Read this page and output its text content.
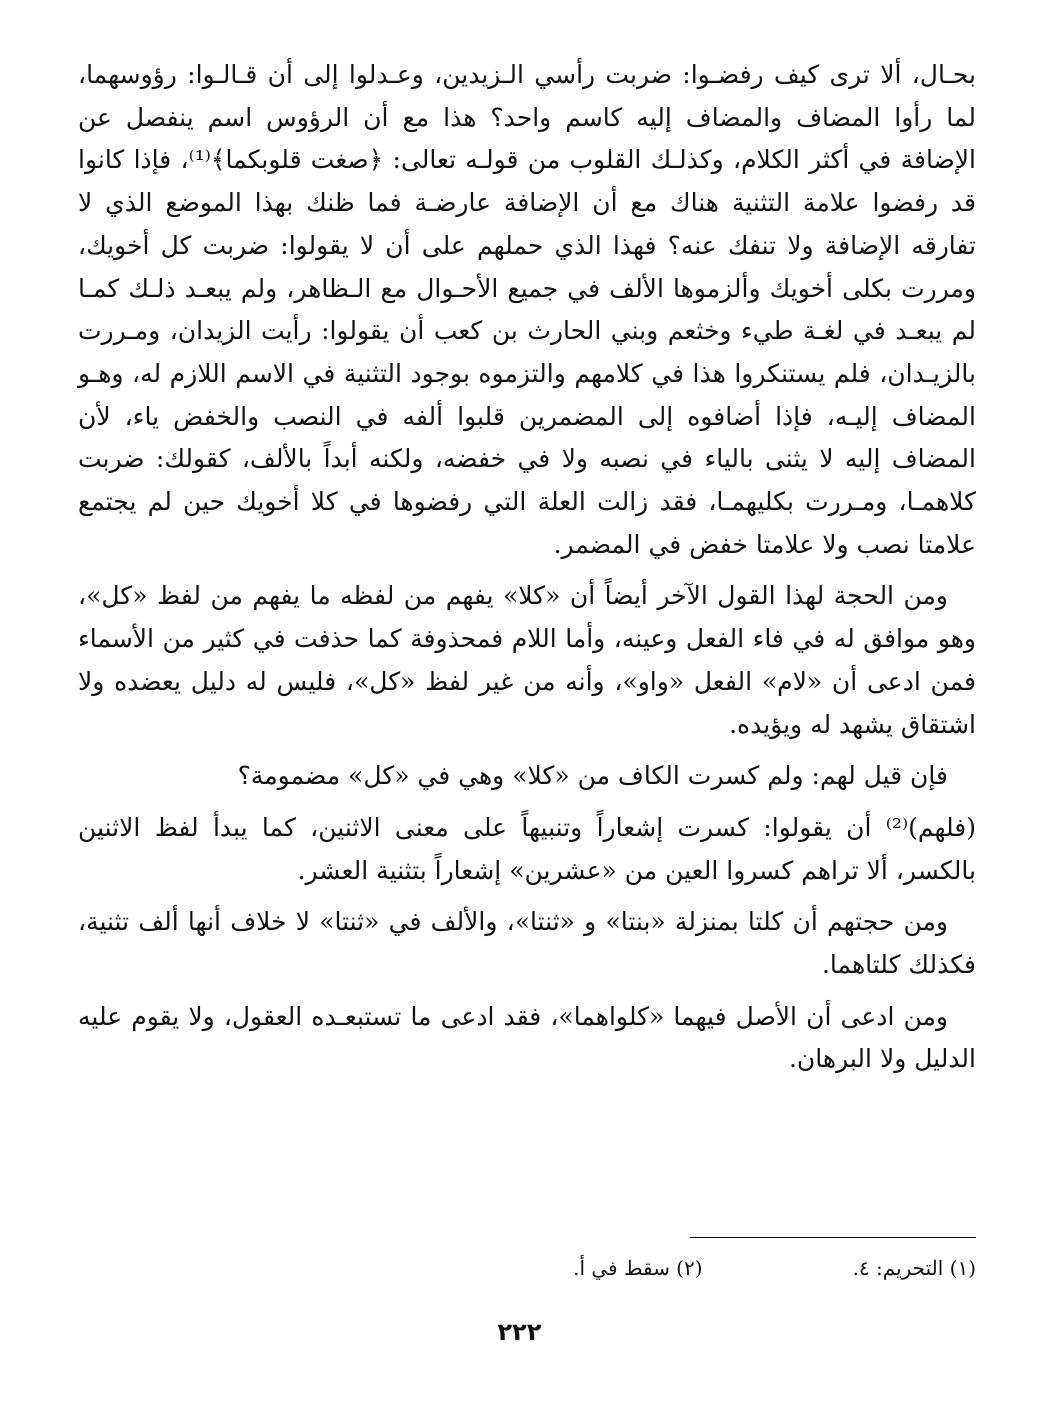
بحـال، ألا ترى كيف رفضـوا: ضربت رأسي الـزيدين، وعـدلوا إلى أن قـالـوا: رؤوسهما، لما رأوا المضاف والمضاف إليه كاسم واحد؟ هذا مع أن الرؤوس اسم ينفصل عن الإضافة في أكثر الكلام، وكذلـك القلوب من قولـه تعالى: ﴿صغت قلوبكما﴾⁽¹⁾، فإذا كانوا قد رفضوا علامة التثنية هناك مع أن الإضافة عارضـة فما ظنك بهذا الموضع الذي لا تفارقه الإضافة ولا تنفك عنه؟ فهذا الذي حملهم على أن لا يقولوا: ضربت كل أخويك، ومررت بكلى أخويك وألزموها الألف في جميع الأحـوال مع الـظاهر، ولم يبعـد ذلـك كمـا لم يبعـد في لغـة طيء وخثعم وبني الحارث بن كعب أن يقولوا: رأيت الزيدان، ومـررت بالزيـدان، فلم يستنكروا هذا في كلامهم والتزموه بوجود التثنية في الاسم اللازم له، وهـو المضاف إليـه، فإذا أضافوه إلى المضمرين قلبوا ألفه في النصب والخفض ياء، لأن المضاف إليه لا يثنى بالياء في نصبه ولا في خفضه، ولكنه أبداً بالألف، كقولك: ضربت كلاهمـا، ومـررت بكليهمـا، فقد زالت العلة التي رفضوها في كلا أخويك حين لم يجتمع علامتا نصب ولا علامتا خفض في المضمر.

ومن الحجة لهذا القول الآخر أيضاً أن «كلا» يفهم من لفظه ما يفهم من لفظ «كل»، وهو موافق له في فاء الفعل وعينه، وأما اللام فمحذوفة كما حذفت في كثير من الأسماء فمن ادعى أن «لام» الفعل «واو»، وأنه من غير لفظ «كل»، فليس له دليل يعضده ولا اشتقاق يشهد له ويؤيده.

فإن قيل لهم: ولم كسرت الكاف من «كلا» وهي في «كل» مضمومة؟

(فلهم)⁽²⁾ أن يقولوا: كسرت إشعاراً وتنبيهاً على معنى الاثنين، كما يبدأ لفظ الاثنين بالكسر، ألا تراهم كسروا العين من «عشرين» إشعاراً بتثنية العشر.

ومن حجتهم أن كلتا بمنزلة «بنتا» و «ثنتا»، والألف في «ثنتا» لا خلاف أنها ألف تثنية، فكذلك كلتاهما.

ومن ادعى أن الأصل فيهما «كلواهما»، فقد ادعى ما تستبعـده العقول، ولا يقوم عليه الدليل ولا البرهان.

(١) التحريم: ٤.
(٢) سقط في أ.
٢٢٢
